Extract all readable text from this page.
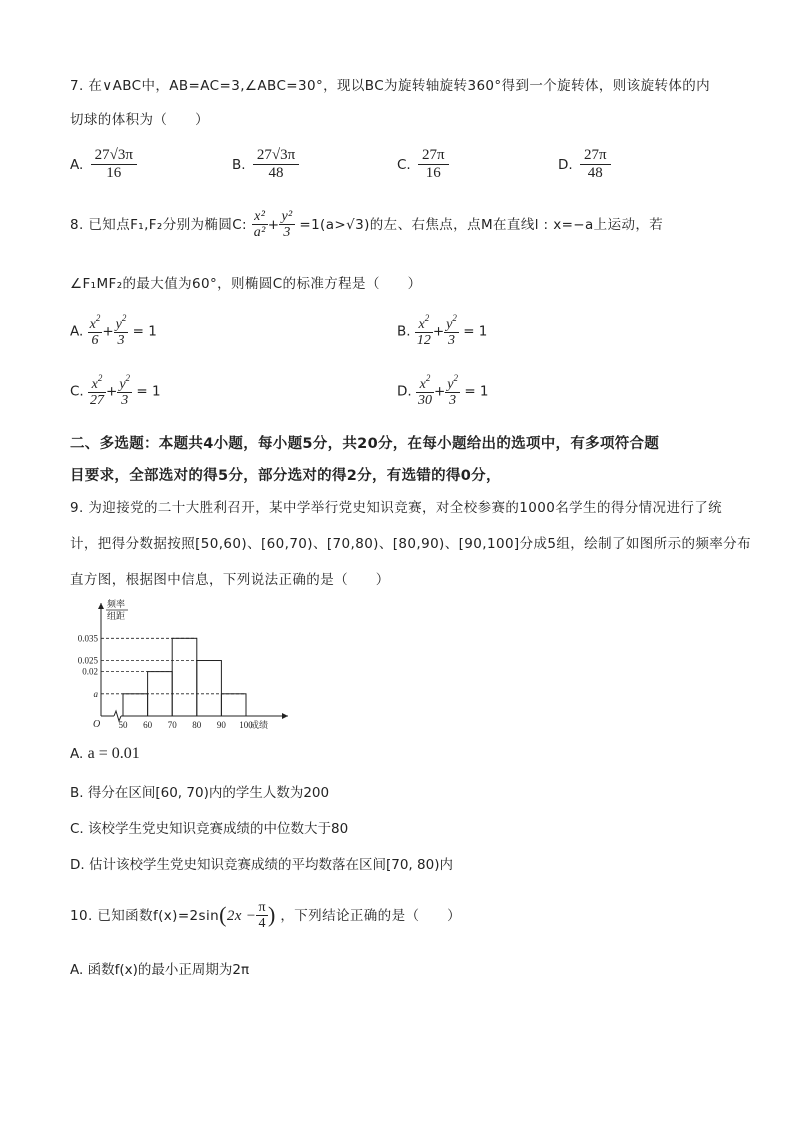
7. 在∨ABC中，AB=AC=3,∠ABC=30°，现以BC为旋转轴旋转360°得到一个旋转体，则该旋转体的内
切球的体积为（　　）
A. $\frac{27√3\pi}{16}$	B. $\frac{27√3\pi}{48}$	C. $\frac{27\pi}{16}$	D. $\frac{27\pi}{48}$
8. 已知点F₁,F₂分别为椭圆C: $\frac{\text{x²}}{\text{a²}} + \frac{\text{y²}}{3} =1(a>√3)$的左、右焦点，点M在直线l : x=−a上运动，若
∠F₁MF₂的最大值为60°，则椭圆C的标准方程是（　　）
A. $\frac{x^2}{6} + \frac{y^2}{3} = 1$	B. $\frac{x^2}{12} + \frac{y^2}{3} = 1$
C. $\frac{x^2}{27} + \frac{y^2}{3} = 1$	D. $\frac{x^2}{30} + \frac{y^2}{3} = 1$
二、多选题：本题共4小题，每小题5分，共20分，在每小题给出的选项中，有多项符合题
目要求，全部选对的得5分，部分选对的得2分，有选错的得0分，
9. 为迎接党的二十大胜利召开，某中学举行党史知识竞赛，对全校参赛的1000名学生的得分情况进行了统
计，把得分数据按照[50,60)、[60,70)、[70,80)、[80,90)、[90,100]分成5组，绘制了如图所示的频率分布
直方图，根据图中信息，下列说法正确的是（　　）
0.035
0.025
0.02
a
50 60 70 80 90 100
O	成绩
频率
组距
A. a = 0.01
B. 得分在区间[60, 70)内的学生人数为200
C. 该校学生党史知识竞赛成绩的中位数大于80
D. 估计该校学生党史知识竞赛成绩的平均数落在区间[70, 80)内
10. 已知函数$f(x)=2\sin(2x - \frac{\pi}{4}$ ) ，下列结论正确的是（　　）
A. 函数f(x)的最小正周期为2π
